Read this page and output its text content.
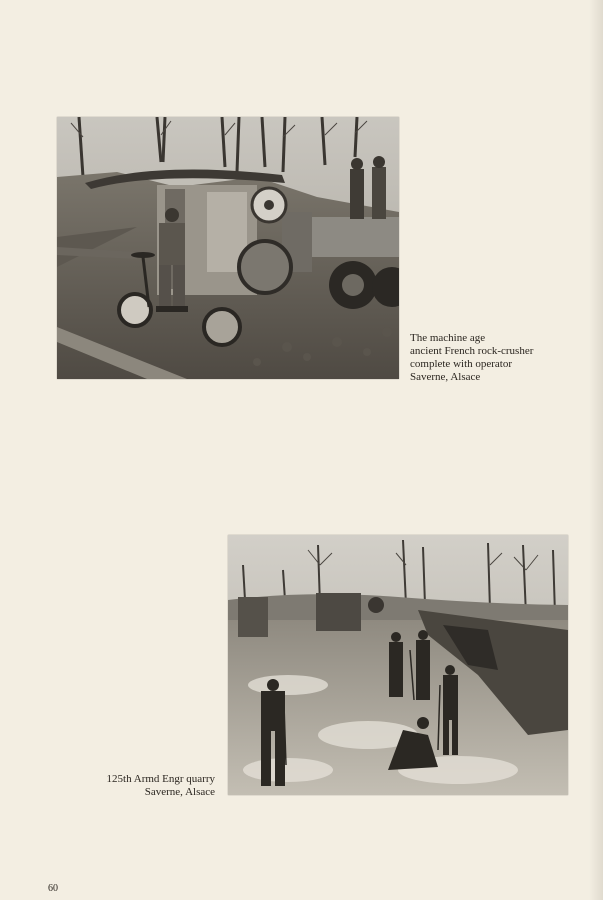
The machine age
ancient French rock-crusher
complete with operator
Saverne, Alsace
125th Armd Engr quarry
Saverne, Alsace
60
